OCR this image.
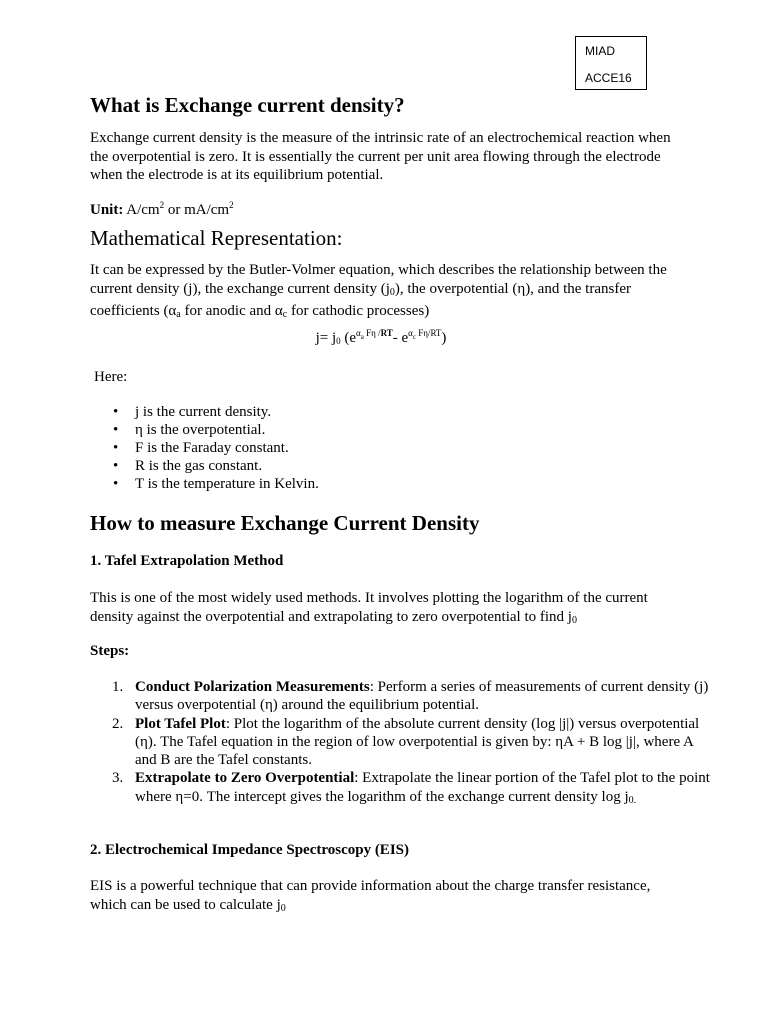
MIAD
ACCE16
What is Exchange current density?

Exchange current density is the measure of the intrinsic rate of an electrochemical reaction when the overpotential is zero. It is essentially the current per unit area flowing through the electrode when the electrode is at its equilibrium potential.

Unit: $A/cm^2$ or $mA/cm^2$

Mathematical Representation:

It can be expressed by the Butler-Volmer equation, which describes the relationship between the current density (j), the exchange current density $(j_0)$, the overpotential (η), and the transfer coefficients ($\alpha_a$ for anodic and $\alpha_c$ for cathodic processes)

$j= j_0$ ($e^{\alpha_a F\eta /RT}-$ $e^{\alpha_c F\eta/RT}$)

Here:

• j is the current density.
• η is the overpotential.
• F is the Faraday constant.
• R is the gas constant.
• T is the temperature in Kelvin.
How to measure Exchange Current Density
1. Tafel Extrapolation Method

This is one of the most widely used methods. It involves plotting the logarithm of the current density against the overpotential and extrapolating to zero overpotential to find $j_0$

Steps:
1. Conduct Polarization Measurements: Perform a series of measurements of current density (j) versus overpotential (η) around the equilibrium potential.
2. Plot Tafel Plot: Plot the logarithm of the absolute current density (log |j|) versus overpotential (η). The Tafel equation in the region of low overpotential is given by: ηA + B log |j|, where A and B are the Tafel constants.
3. Extrapolate to Zero Overpotential: Extrapolate the linear portion of the Tafel plot to the point where η=0. The intercept gives the logarithm of the exchange current density $\log j_{0.}$
2. Electrochemical Impedance Spectroscopy (EIS)

EIS is a powerful technique that can provide information about the charge transfer resistance, which can be used to calculate $j_0$
